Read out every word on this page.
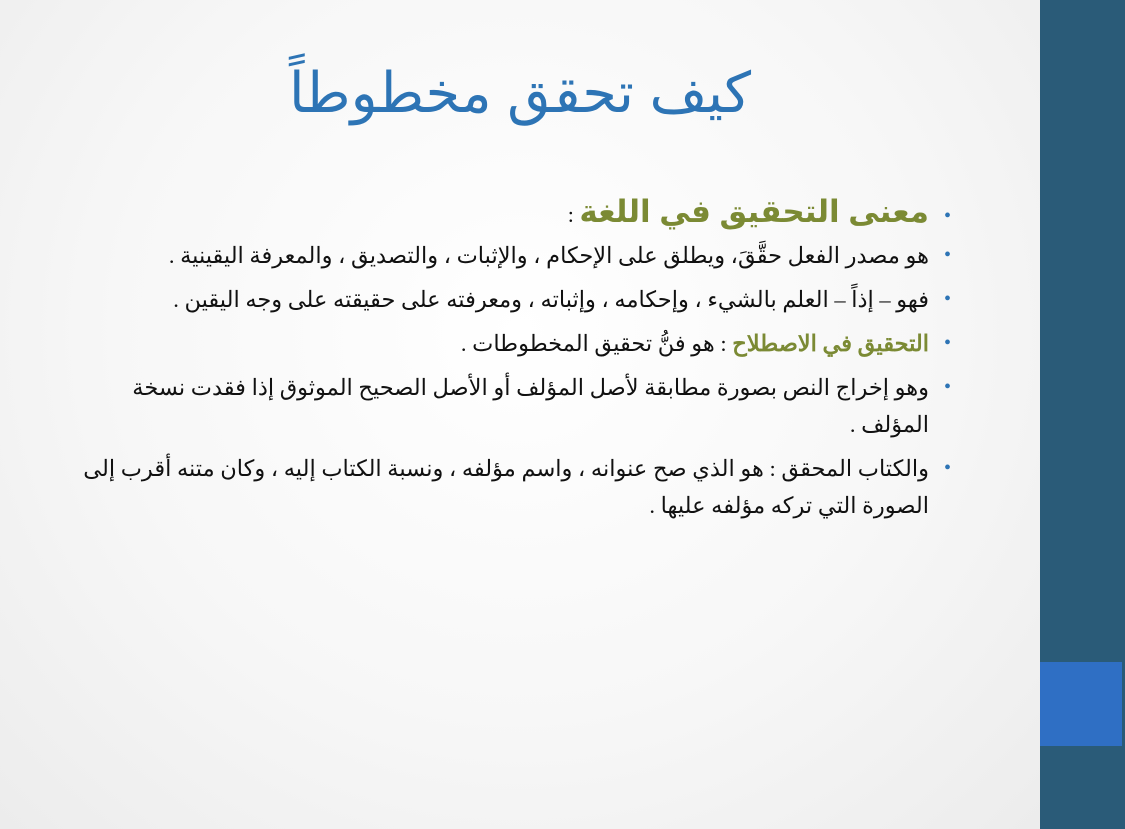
كيف تحقق مخطوطاً
•
معنى التحقيق في اللغة :
•
هو مصدر الفعل حقَّقَ، ويطلق على الإحكام ، والإثبات ، والتصديق ، والمعرفة اليقينية .
•
فهو – إذاً – العلم بالشيء ، وإحكامه ، وإثباته ، ومعرفته على حقيقته على وجه اليقين .
•
التحقيق في الاصطلاح : هو فنُّ تحقيق المخطوطات .
•
وهو إخراج النص بصورة مطابقة لأصل المؤلف أو الأصل الصحيح الموثوق إذا فقدت نسخة المؤلف .
•
والكتاب المحقق : هو الذي صح عنوانه ، واسم مؤلفه ، ونسبة الكتاب إليه ، وكان متنه أقرب إلى الصورة التي تركه مؤلفه عليها .
